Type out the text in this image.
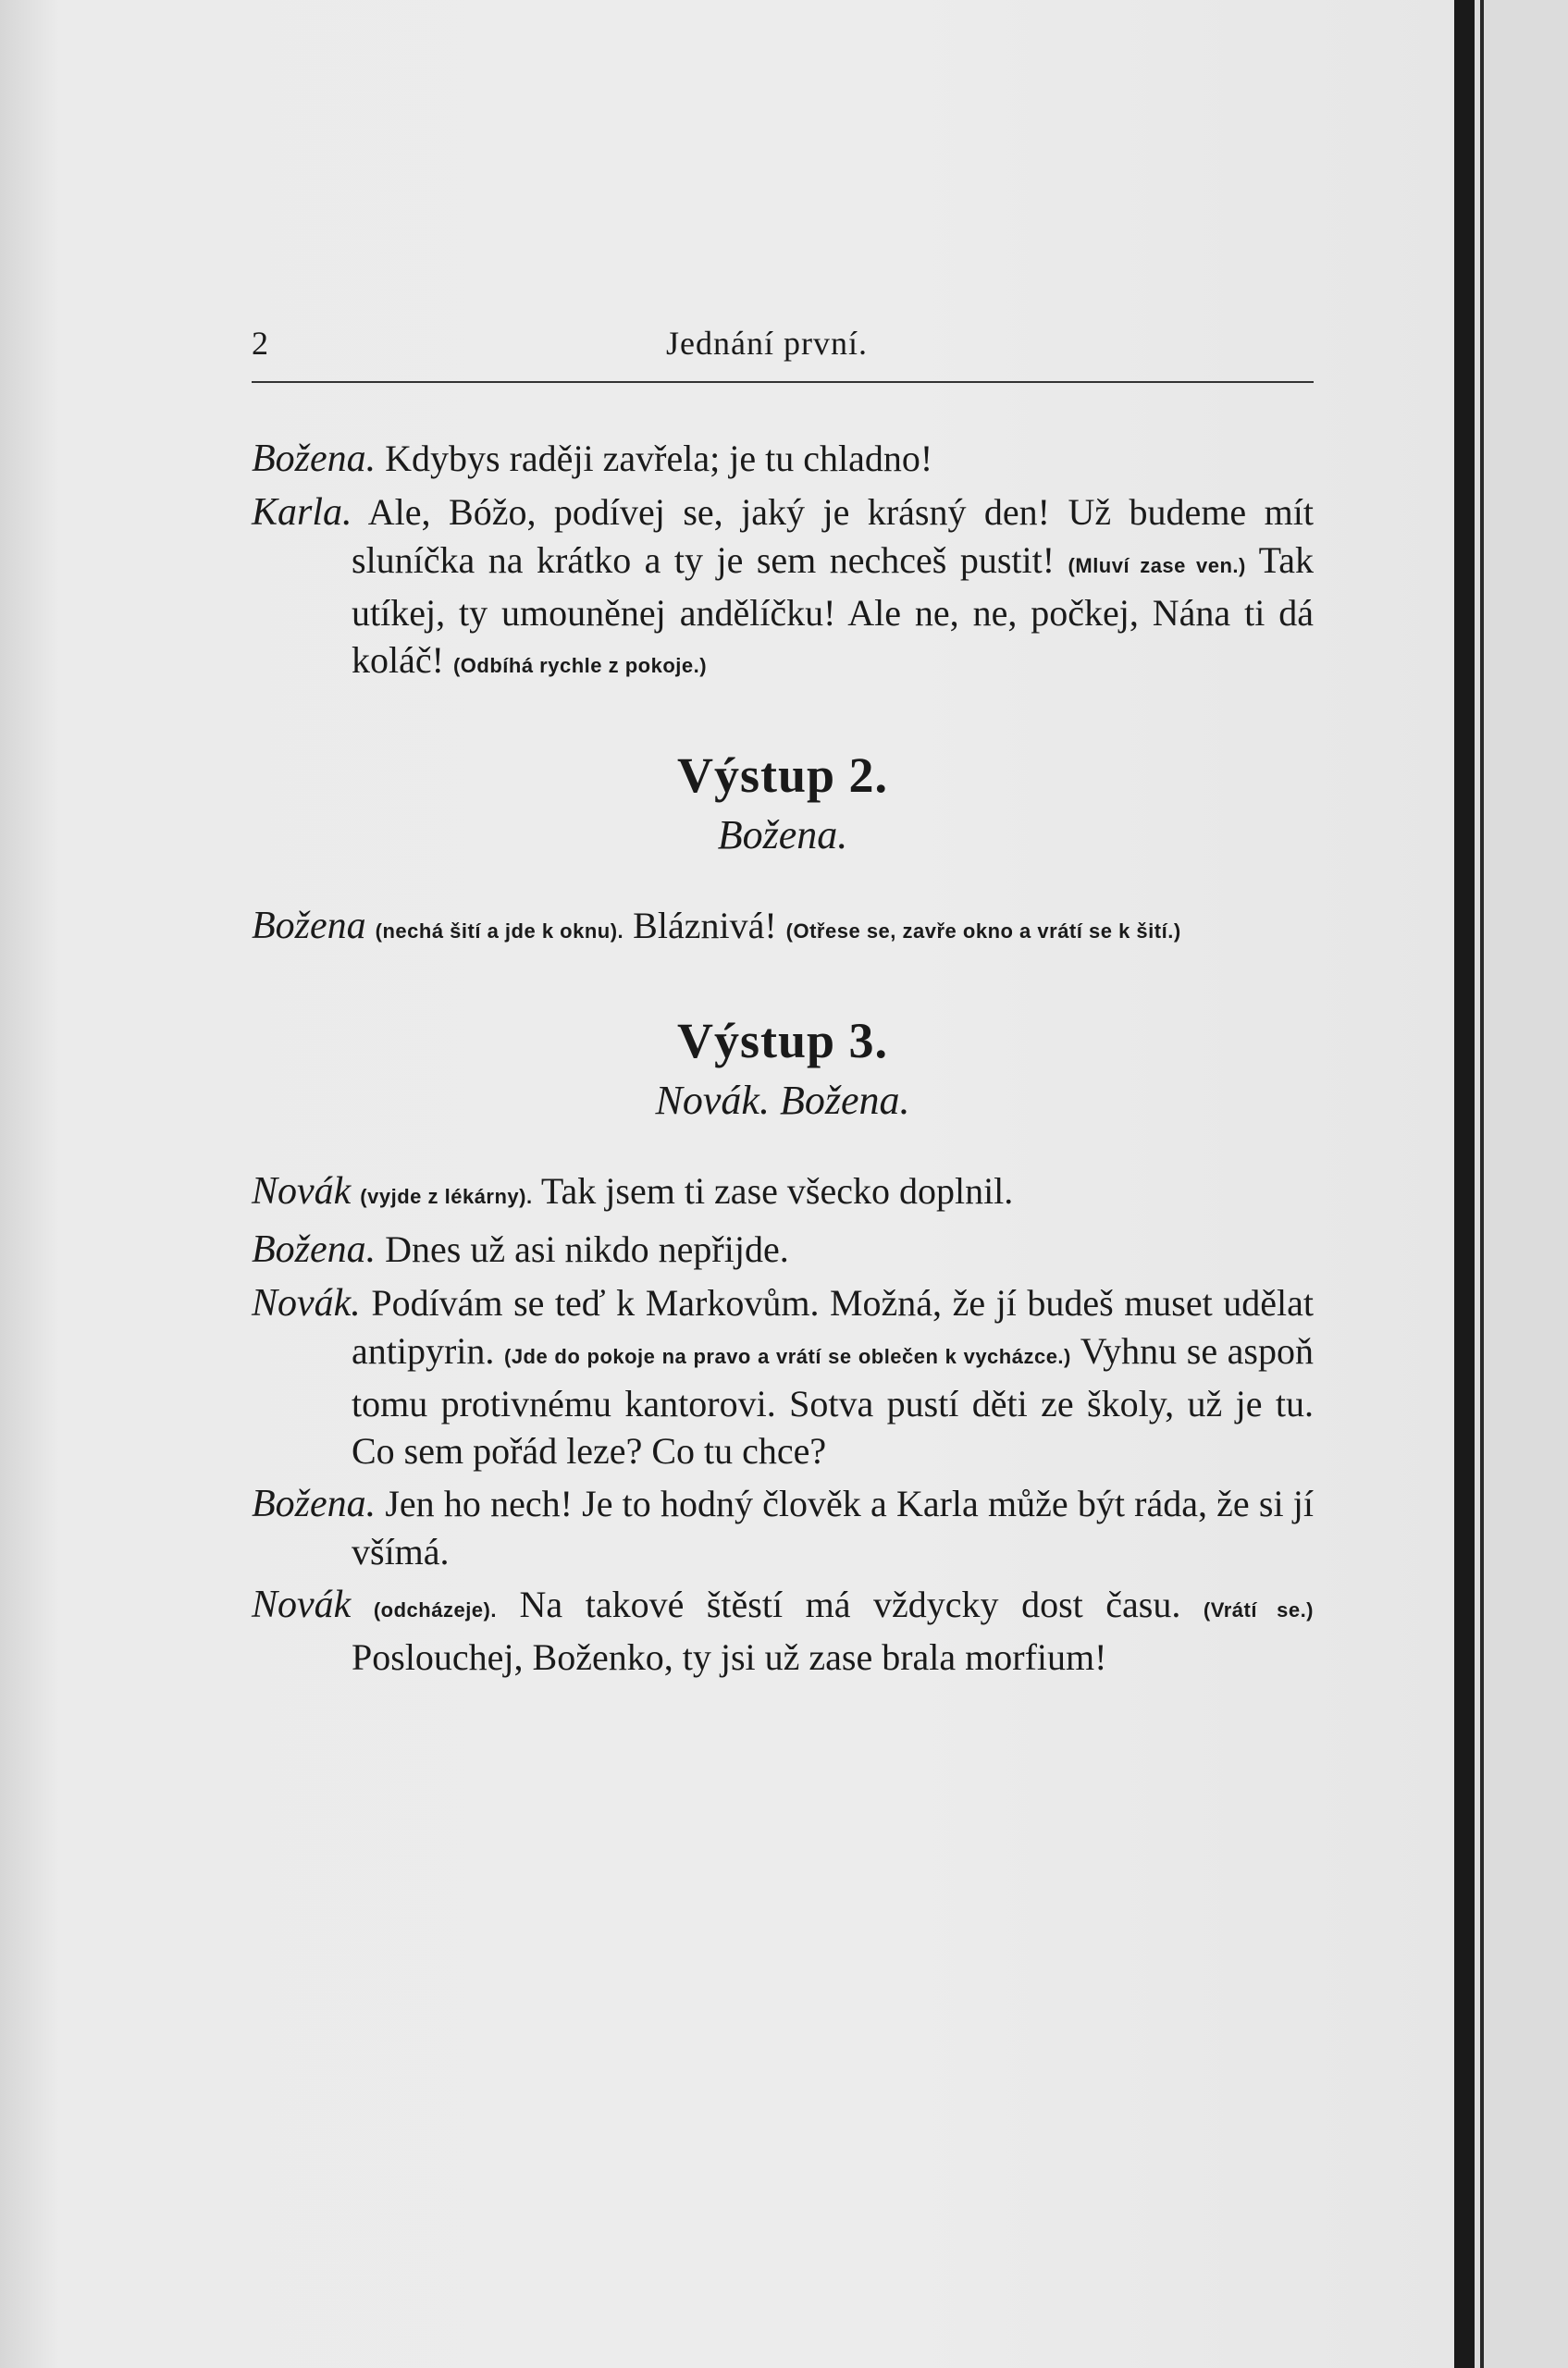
2	Jednání první.

Božena. Kdybys raději zavřela; je tu chladno!

Karla. Ale, Bóžo, podívej se, jaký je krásný den! Už budeme mít sluníčka na krátko a ty je sem nechceš pustit! (Mluví zase ven.) Tak utíkej, ty umouněnej andělíčku! Ale ne, ne, počkej, Nána ti dá koláč! (Odbíhá rychle z pokoje.)

Výstup 2.
Božena.

Božena (nechá šití a jde k oknu). Bláznivá! (Otřese se, zavře okno a vrátí se k šití.)

Výstup 3.
Novák. Božena.

Novák (vyjde z lékárny). Tak jsem ti zase všecko doplnil.

Božena. Dnes už asi nikdo nepřijde.

Novák. Podívám se teď k Markovům. Možná, že jí budeš muset udělat antipyrin. (Jde do pokoje na pravo a vrátí se oblečen k vycházce.) Vyhnu se aspoň tomu protivnému kantorovi. Sotva pustí děti ze školy, už je tu. Co sem pořád leze? Co tu chce?

Božena. Jen ho nech! Je to hodný člověk a Karla může být ráda, že si jí všímá.

Novák (odcházeje). Na takové štěstí má vždycky dost času. (Vrátí se.) Poslouchej, Boženko, ty jsi už zase brala morfium!
